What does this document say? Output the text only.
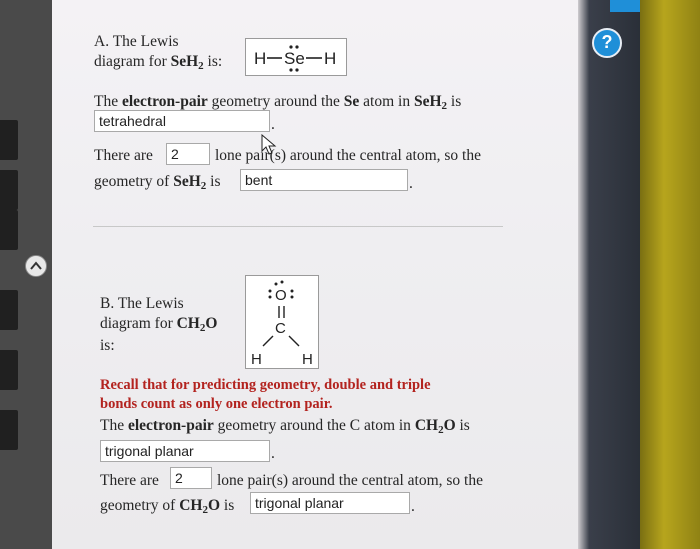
?
A. The Lewis
diagram for SeH$_2$ is: H Se H
The electron-pair geometry around the Se atom in SeH$_2$ is
tetrahedral	.
There are	2	lone pair(s) around the central atom, so the
geometry of SeH$_2$ is	bent	.
B. The Lewis
diagram for $CH_2O$
is:
O
C
H	H
Recall that for predicting geometry, double and triple
bonds count as only one electron pair.
The electron-pair geometry around the C atom in $CH_2O$ is
trigonal planar	.
There are	2	lone pair(s) around the central atom, so the
geometry of $CH_2O$ is	trigonal planar	.
